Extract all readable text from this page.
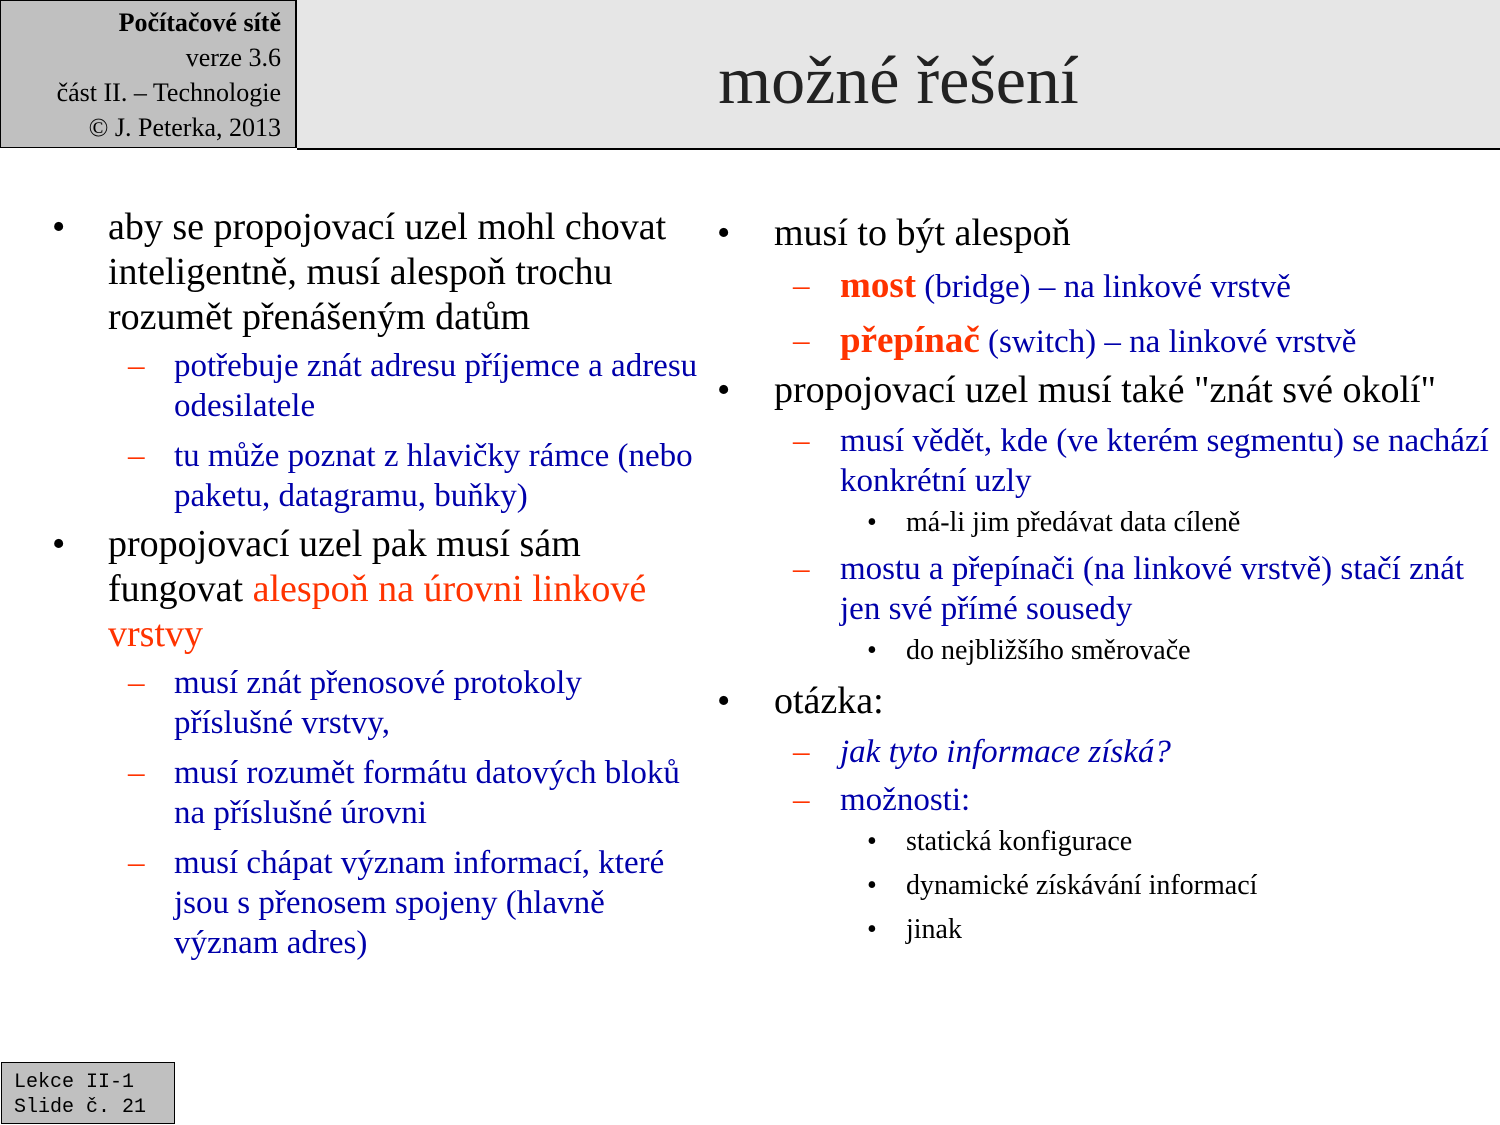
Počítačové sítě
verze 3.6
část II. – Technologie
© J. Peterka, 2013
možné řešení
• aby se propojovací uzel mohl chovat inteligentně, musí alespoň trochu rozumět přenášeným datům
– potřebuje znát adresu příjemce a adresu odesilatele
– tu může poznat z hlavičky rámce (nebo paketu, datagramu, buňky)
• propojovací uzel pak musí sám fungovat alespoň na úrovni linkové vrstvy
– musí znát přenosové protokoly příslušné vrstvy,
– musí rozumět formátu datových bloků na příslušné úrovni
– musí chápat význam informací, které jsou s přenosem spojeny (hlavně význam adres)
• musí to být alespoň
– most (bridge) – na linkové vrstvě
– přepínač (switch) – na linkové vrstvě
• propojovací uzel musí také "znát své okolí"
– musí vědět, kde (ve kterém segmentu) se nachází konkrétní uzly
• má-li jim předávat data cíleně
– mostu a přepínači (na linkové vrstvě) stačí znát jen své přímé sousedy
• do nejbližšího směrovače
• otázka:
– jak tyto informace získá?
– možnosti:
• statická konfigurace
• dynamické získávání informací
• jinak
Lekce II-1
Slide č. 21
